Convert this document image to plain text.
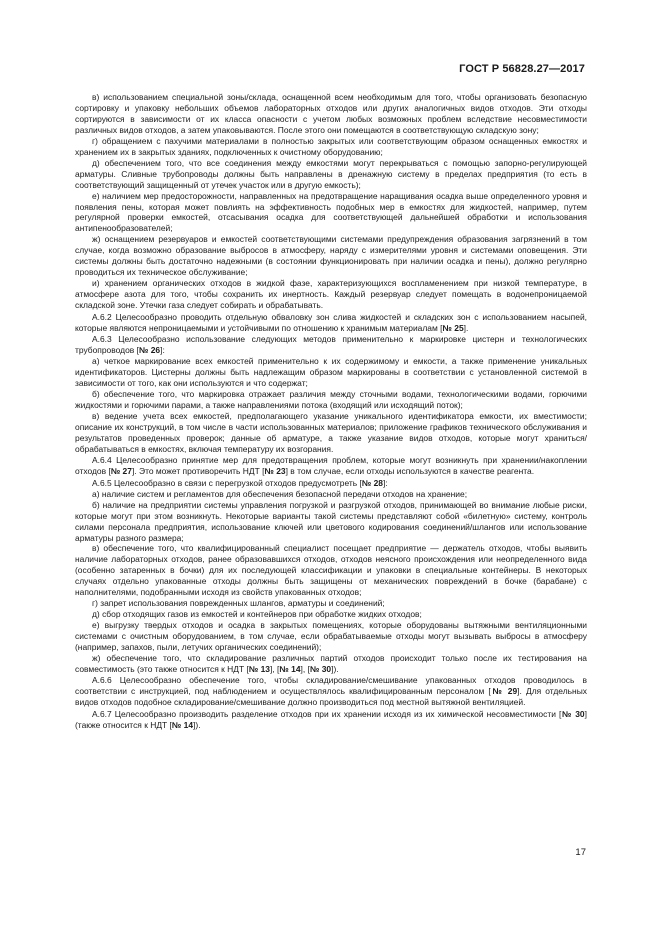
ГОСТ Р 56828.27—2017

в) использованием специальной зоны/склада, оснащенной всем необходимым для того, чтобы организовать безопасную сортировку и упаковку небольших объемов лабораторных отходов или других аналогичных видов отходов. Эти отходы сортируются в зависимости от их класса опасности с учетом любых возможных проблем вследствие несовместимости различных видов отходов, а затем упаковываются. После этого они помещаются в соответствующую складскую зону;

г) обращением с пахучими материалами в полностью закрытых или соответствующим образом оснащенных емкостях и хранением их в закрытых зданиях, подключенных к очистному оборудованию;

д) обеспечением того, что все соединения между емкостями могут перекрываться с помощью запорно-регулирующей арматуры. Сливные трубопроводы должны быть направлены в дренажную систему в пределах предприятия (то есть в соответствующий защищенный от утечек участок или в другую емкость);

е) наличием мер предосторожности, направленных на предотвращение наращивания осадка выше определенного уровня и появления пены, которая может повлиять на эффективность подобных мер в емкостях для жидкостей, например, путем регулярной проверки емкостей, отсасывания осадка для соответствующей дальнейшей обработки и использования антипенообразователей;

ж) оснащением резервуаров и емкостей соответствующими системами предупреждения образования загрязнений в том случае, когда возможно образование выбросов в атмосферу, наряду с измерителями уровня и системами оповещения. Эти системы должны быть достаточно надежными (в состоянии функционировать при наличии осадка и пены), должно регулярно проводиться их техническое обслуживание;

и) хранением органических отходов в жидкой фазе, характеризующихся воспламенением при низкой температуре, в атмосфере азота для того, чтобы сохранить их инертность. Каждый резервуар следует помещать в водонепроницаемой складской зоне. Утечки газа следует собирать и обрабатывать.

А.6.2 Целесообразно проводить отдельную обваловку зон слива жидкостей и складских зон с использованием насыпей, которые являются непроницаемыми и устойчивыми по отношению к хранимым материалам [№ 25].

А.6.3 Целесообразно использование следующих методов применительно к маркировке цистерн и технологических трубопроводов [№ 26]:

а) четкое маркирование всех емкостей применительно к их содержимому и емкости, а также применение уникальных идентификаторов. Цистерны должны быть надлежащим образом маркированы в соответствии с установленной системой в зависимости от того, как они используются и что содержат;

б) обеспечение того, что маркировка отражает различия между сточными водами, технологическими водами, горючими жидкостями и горючими парами, а также направлениями потока (входящий или исходящий поток);

в) ведение учета всех емкостей, предполагающего указание уникального идентификатора емкости, их вместимости; описание их конструкций, в том числе в части использованных материалов; приложение графиков технического обслуживания и результатов проведенных проверок; данные об арматуре, а также указание видов отходов, которые могут храниться/обрабатываться в емкостях, включая температуру их возгорания.

А.6.4 Целесообразно принятие мер для предотвращения проблем, которые могут возникнуть при хранении/накоплении отходов [№ 27]. Это может противоречить НДТ [№ 23] в том случае, если отходы используются в качестве реагента.

А.6.5 Целесообразно в связи с перегрузкой отходов предусмотреть [№ 28]:

а) наличие систем и регламентов для обеспечения безопасной передачи отходов на хранение;

б) наличие на предприятии системы управления погрузкой и разгрузкой отходов, принимающей во внимание любые риски, которые могут при этом возникнуть. Некоторые варианты такой системы представляют собой «билетную» систему, контроль силами персонала предприятия, использование ключей или цветового кодирования соединений/шлангов или использование арматуры разного размера;

в) обеспечение того, что квалифицированный специалист посещает предприятие — держатель отходов, чтобы выявить наличие лабораторных отходов, ранее образовавшихся отходов, отходов неясного происхождения или неопределенного вида (особенно затаренных в бочки) для их последующей классификации и упаковки в специальные контейнеры. В некоторых случаях отдельно упакованные отходы должны быть защищены от механических повреждений в бочке (барабане) с наполнителями, подобранными исходя из свойств упакованных отходов;

г) запрет использования поврежденных шлангов, арматуры и соединений;

д) сбор отходящих газов из емкостей и контейнеров при обработке жидких отходов;

е) выгрузку твердых отходов и осадка в закрытых помещениях, которые оборудованы вытяжными вентиляционными системами с очистным оборудованием, в том случае, если обрабатываемые отходы могут вызывать выбросы в атмосферу (например, запахов, пыли, летучих органических соединений);

ж) обеспечение того, что складирование различных партий отходов происходит только после их тестирования на совместимость (это также относится к НДТ [№ 13], [№ 14], [№ 30]).

А.6.6 Целесообразно обеспечение того, чтобы складирование/смешивание упакованных отходов проводилось в соответствии с инструкцией, под наблюдением и осуществлялось квалифицированным персоналом [№ 29]. Для отдельных видов отходов подобное складирование/смешивание должно производиться под местной вытяжной вентиляцией.

А.6.7 Целесообразно производить разделение отходов при их хранении исходя из их химической несовместимости [№ 30] (также относится к НДТ [№ 14]).

17
